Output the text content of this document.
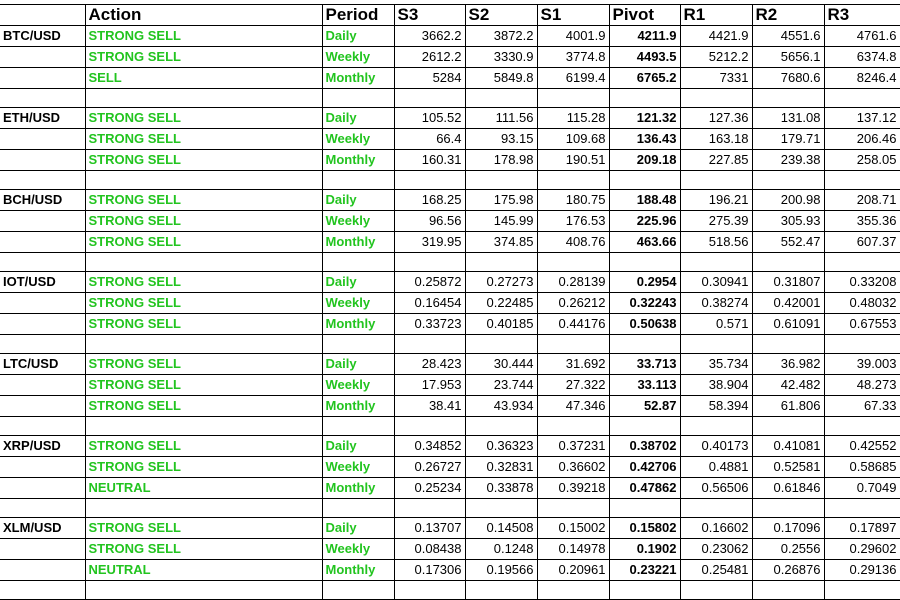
	Action	Period	S3	S2	S1	Pivot	R1	R2	R3
BTC/USD	STRONG SELL	Daily	3662.2	3872.2	4001.9	4211.9	4421.9	4551.6	4761.6
	STRONG SELL	Weekly	2612.2	3330.9	3774.8	4493.5	5212.2	5656.1	6374.8
	SELL	Monthly	5284	5849.8	6199.4	6765.2	7331	7680.6	8246.4

ETH/USD	STRONG SELL	Daily	105.52	111.56	115.28	121.32	127.36	131.08	137.12
	STRONG SELL	Weekly	66.4	93.15	109.68	136.43	163.18	179.71	206.46
	STRONG SELL	Monthly	160.31	178.98	190.51	209.18	227.85	239.38	258.05

BCH/USD	STRONG SELL	Daily	168.25	175.98	180.75	188.48	196.21	200.98	208.71
	STRONG SELL	Weekly	96.56	145.99	176.53	225.96	275.39	305.93	355.36
	STRONG SELL	Monthly	319.95	374.85	408.76	463.66	518.56	552.47	607.37

IOT/USD	STRONG SELL	Daily	0.25872	0.27273	0.28139	0.2954	0.30941	0.31807	0.33208
	STRONG SELL	Weekly	0.16454	0.22485	0.26212	0.32243	0.38274	0.42001	0.48032
	STRONG SELL	Monthly	0.33723	0.40185	0.44176	0.50638	0.571	0.61091	0.67553

LTC/USD	STRONG SELL	Daily	28.423	30.444	31.692	33.713	35.734	36.982	39.003
	STRONG SELL	Weekly	17.953	23.744	27.322	33.113	38.904	42.482	48.273
	STRONG SELL	Monthly	38.41	43.934	47.346	52.87	58.394	61.806	67.33

XRP/USD	STRONG SELL	Daily	0.34852	0.36323	0.37231	0.38702	0.40173	0.41081	0.42552
	STRONG SELL	Weekly	0.26727	0.32831	0.36602	0.42706	0.4881	0.52581	0.58685
	NEUTRAL	Monthly	0.25234	0.33878	0.39218	0.47862	0.56506	0.61846	0.7049

XLM/USD	STRONG SELL	Daily	0.13707	0.14508	0.15002	0.15802	0.16602	0.17096	0.17897
	STRONG SELL	Weekly	0.08438	0.1248	0.14978	0.1902	0.23062	0.2556	0.29602
	NEUTRAL	Monthly	0.17306	0.19566	0.20961	0.23221	0.25481	0.26876	0.29136
